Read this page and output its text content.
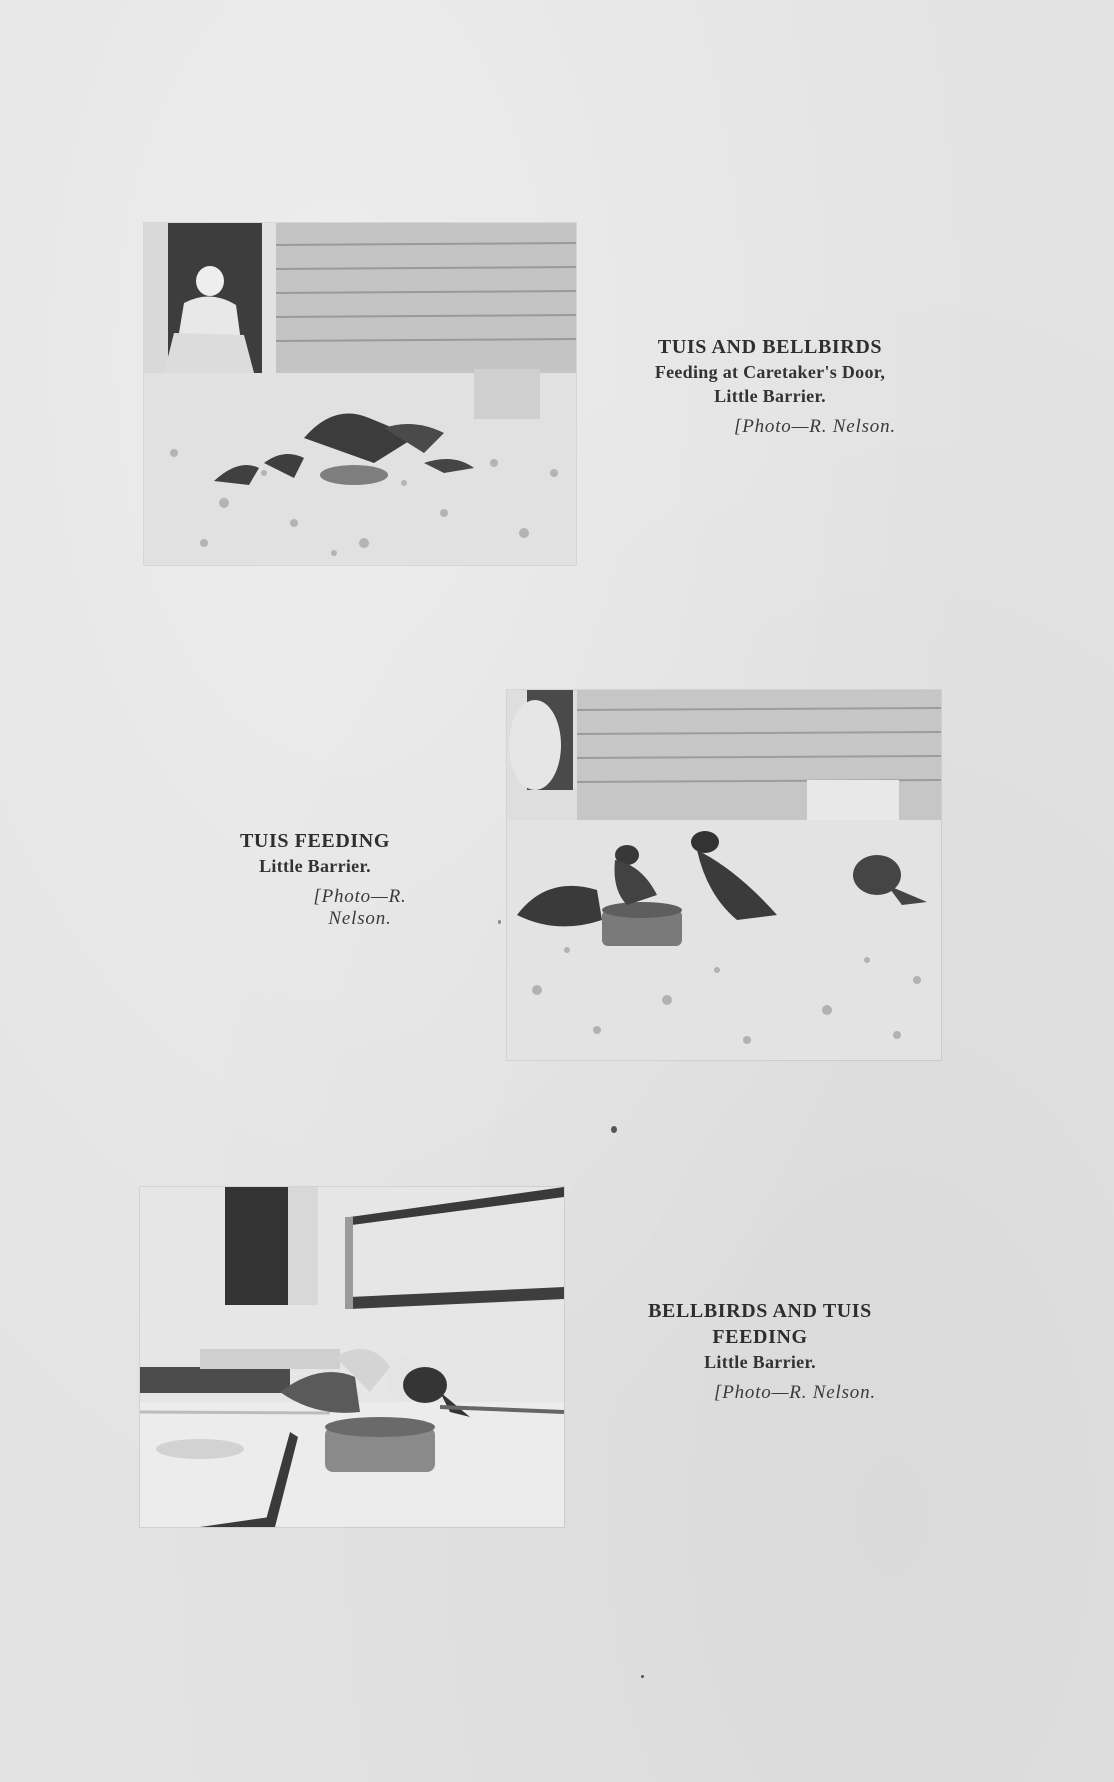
TUIS AND BELLBIRDS
Feeding at Caretaker's Door,
Little Barrier.
[Photo—R. Nelson.
TUIS FEEDING
Little Barrier.
[Photo—R. Nelson.
BELLBIRDS AND TUIS
FEEDING
Little Barrier.
[Photo—R. Nelson.
